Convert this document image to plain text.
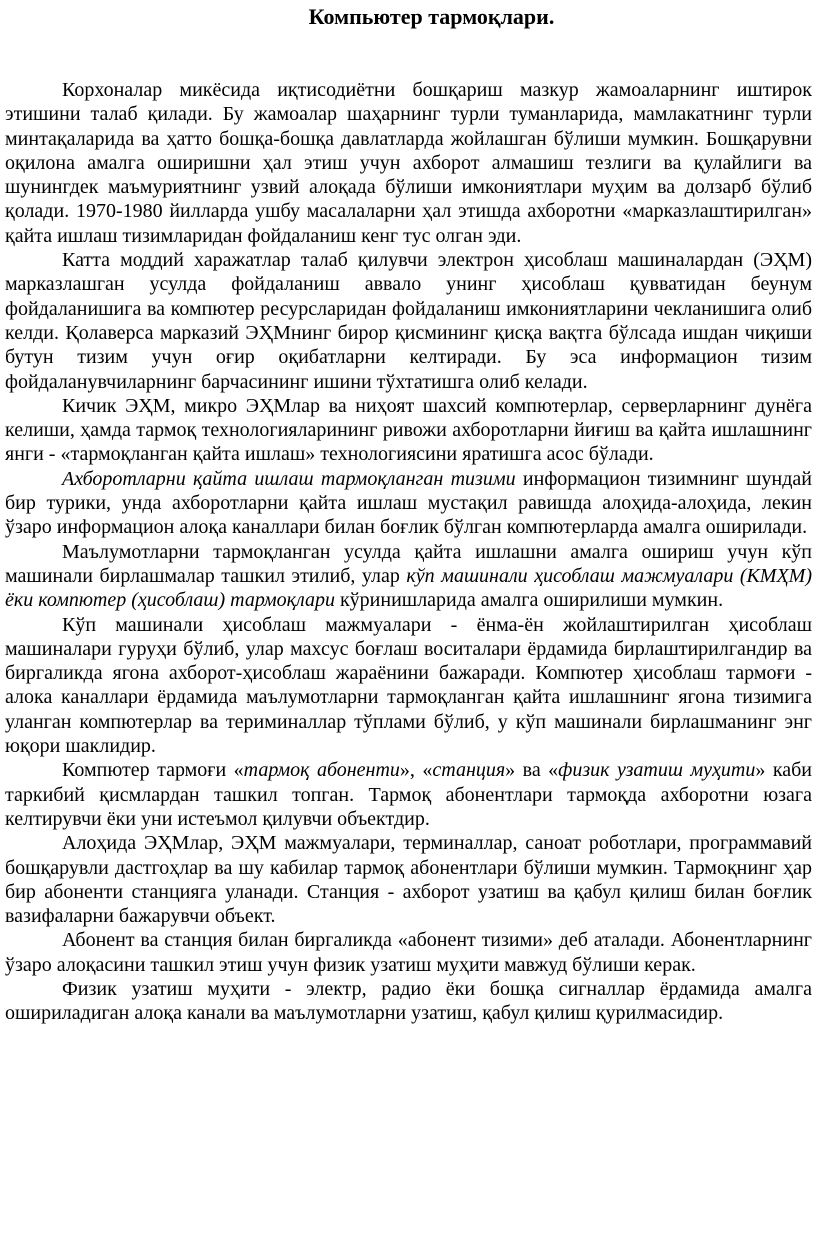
Компьютер тармоқлари.

Корхоналар микёсида иқтисодиётни бошқариш мазкур жамоаларнинг иштирок этишини талаб қилади. Бу жамоалар шаҳарнинг турли туманларида, мамлакатнинг турли минтақаларида ва ҳатто бошқа-бошқа давлатларда жойлашган бўлиши мумкин. Бошқарувни оқилона амалга оширишни ҳал этиш учун ахборот алмашиш тезлиги ва қулайлиги ва шунингдек маъмуриятнинг узвий алоқада бўлиши имкониятлари муҳим ва долзарб бўлиб қолади. 1970-1980 йилларда ушбу масалаларни ҳал этишда ахборотни «марказлаштирилган» қайта ишлаш тизимларидан фойдаланиш кенг тус олган эди.

Катта моддий харажатлар талаб қилувчи электрон ҳисоблаш машиналардан (ЭҲМ) марказлашган усулда фойдаланиш аввало унинг ҳисоблаш қувватидан беунум фойдаланишига ва компютер ресурсларидан фойдаланиш имкониятларини чекланишига олиб келди. Қолаверса марказий ЭҲМнинг бирор қисмининг қисқа вақтга бўлсада ишдан чиқиши бутун тизим учун оғир оқибатларни келтиради. Бу эса информацион тизим фойдаланувчиларнинг барчасининг ишини тўхтатишга олиб келади.

Кичик ЭҲМ, микро ЭҲМлар ва ниҳоят шахсий компютерлар, серверларнинг дунёга келиши, ҳамда тармоқ технологияларининг ривожи ахборотларни йиғиш ва қайта ишлашнинг янги - «тармоқланган қайта ишлаш» технологиясини яратишга асос бўлади.

Ахборотларни қайта ишлаш тармоқланган тизими информацион тизимнинг шундай бир турики, унда ахборотларни қайта ишлаш мустақил равишда алоҳида-алоҳида, лекин ўзаро информацион алоқа каналлари билан боғлик бўлган компютерларда амалга оширилади.

Маълумотларни тармоқланган усулда қайта ишлашни амалга ошириш учун кўп машинали бирлашмалар ташкил этилиб, улар кўп машинали ҳисоблаш мажмуалари (КМҲМ) ёки компютер (ҳисоблаш) тармоқлари кўринишларида амалга оширилиши мумкин.

Кўп машинали ҳисоблаш мажмуалари - ёнма-ён жойлаштирилган ҳисоблаш машиналари гуруҳи бўлиб, улар махсус боғлаш воситалари ёрдамида бирлаштирилгандир ва биргаликда ягона ахборот-ҳисоблаш жараёнини бажаради. Компютер ҳисоблаш тармоғи - алока каналлари ёрдамида маълумотларни тармоқланган қайта ишлашнинг ягона тизимига уланган компютерлар ва териминаллар тўплами бўлиб, у кўп машинали бирлашманинг энг юқори шаклидир.

Компютер тармоғи «тармоқ абоненти», «станция» ва «физик узатиш муҳити» каби таркибий қисмлардан ташкил топган. Тармоқ абонентлари тармоқда ахборотни юзага келтирувчи ёки уни истеъмол қилувчи объектдир.

Алоҳида ЭҲМлар, ЭҲМ мажмуалари, терминаллар, саноат роботлари, программавий бошқарувли дастгоҳлар ва шу кабилар тармоқ абонентлари бўлиши мумкин. Тармоқнинг ҳар бир абоненти станцияга уланади. Станция - ахборот узатиш ва қабул қилиш билан боғлик вазифаларни бажарувчи объект.

Абонент ва станция билан биргаликда «абонент тизими» деб аталади. Абонентларнинг ўзаро алоқасини ташкил этиш учун физик узатиш муҳити мавжуд бўлиши керак.

Физик узатиш муҳити - электр, радио ёки бошқа сигналлар ёрдамида амалга ошириладиган алоқа канали ва маълумотларни узатиш, қабул қилиш қурилмасидир.
